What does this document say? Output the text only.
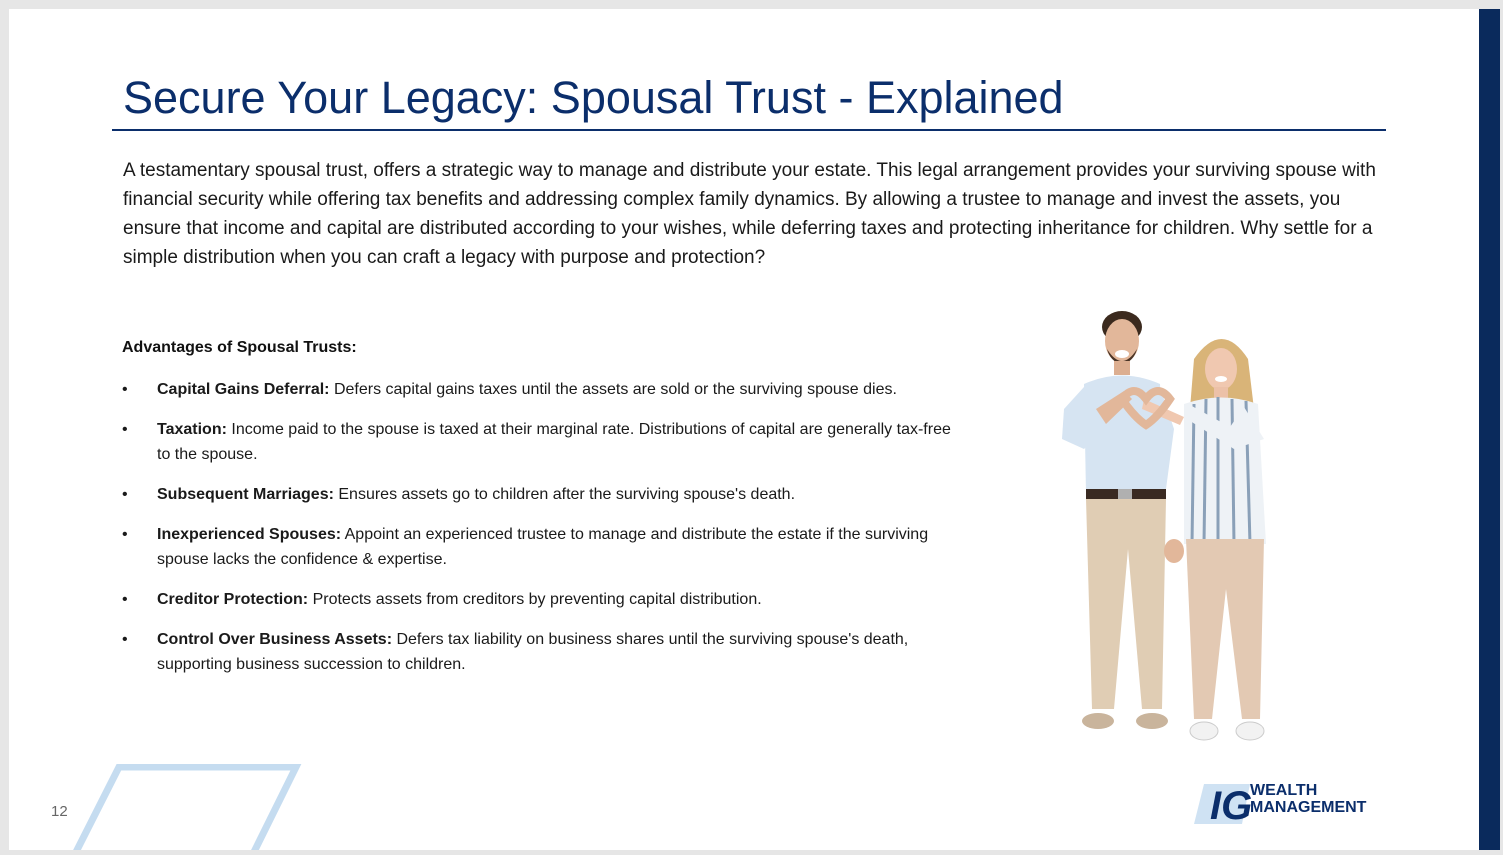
Secure Your Legacy: Spousal Trust - Explained
A testamentary spousal trust, offers a strategic way to manage and distribute your estate. This legal arrangement provides your surviving spouse with financial security while offering tax benefits and addressing complex family dynamics. By allowing a trustee to manage and invest the assets, you ensure that income and capital are distributed according to your wishes, while deferring taxes and protecting inheritance for children. Why settle for a simple distribution when you can craft a legacy with purpose and protection?
Advantages of Spousal Trusts:
• Capital Gains Deferral: Defers capital gains taxes until the assets are sold or the surviving spouse dies.
• Taxation: Income paid to the spouse is taxed at their marginal rate. Distributions of capital are generally tax-free to the spouse.
• Subsequent Marriages: Ensures assets go to children after the surviving spouse's death.
• Inexperienced Spouses: Appoint an experienced trustee to manage and distribute the estate if the surviving spouse lacks the confidence & expertise.
• Creditor Protection: Protects assets from creditors by preventing capital distribution.
• Control Over Business Assets: Defers tax liability on business shares until the surviving spouse's death, supporting business succession to children.
12	IG
WEALTH
MANAGEMENT
